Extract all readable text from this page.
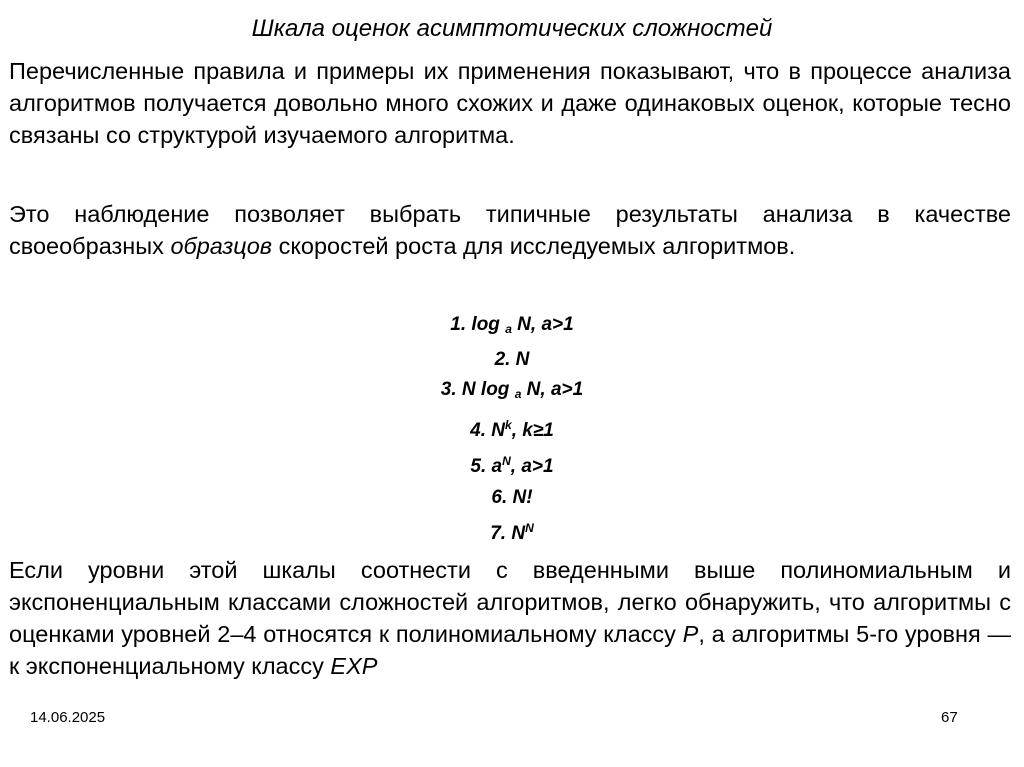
Шкала оценок асимптотических сложностей

Перечисленные правила и примеры их применения показывают, что в процессе анализа алгоритмов получается довольно много схожих и даже одинаковых оценок, которые тесно связаны со структурой изучаемого алгоритма.

Это наблюдение позволяет выбрать типичные результаты анализа в качестве своеобразных образцов скоростей роста для исследуемых алгоритмов.

1. log $_a$ N, a>1
2. N
3. N log $_a$ N, a>1
4. $N^k$, k≥1
5. $a^N$, a>1
6. N!
7. $N^N$

Если уровни этой шкалы соотнести с введенными выше полиномиальным и экспоненциальным классами сложностей алгоритмов, легко обнаружить, что алгоритмы с оценками уровней 2–4 относятся к полиномиальному классу P, а алгоритмы 5-го уровня — к экспоненциальному классу EXP

14.06.2025	67
